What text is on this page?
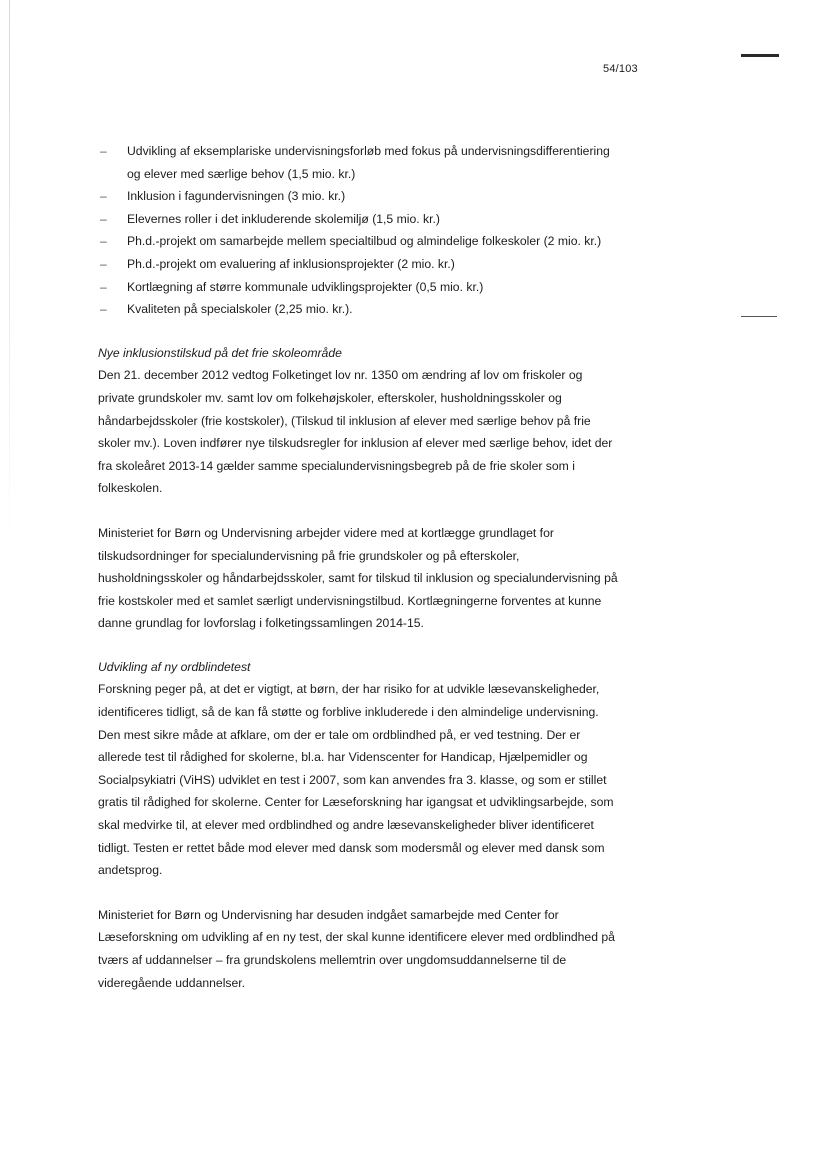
54/103
– Udvikling af eksemplariske undervisningsforløb med fokus på undervisningsdifferentiering og elever med særlige behov (1,5 mio. kr.)
– Inklusion i fagundervisningen (3 mio. kr.)
– Elevernes roller i det inkluderende skolemiljø (1,5 mio. kr.)
– Ph.d.-projekt om samarbejde mellem specialtilbud og almindelige folkeskoler (2 mio. kr.)
– Ph.d.-projekt om evaluering af inklusionsprojekter (2 mio. kr.)
– Kortlægning af større kommunale udviklingsprojekter (0,5 mio. kr.)
– Kvaliteten på specialskoler (2,25 mio. kr.).

Nye inklusionstilskud på det frie skoleområde

Den 21. december 2012 vedtog Folketinget lov nr. 1350 om ændring af lov om friskoler og private grundskoler mv. samt lov om folkehøjskoler, efterskoler, husholdningsskoler og håndarbejdsskoler (frie kostskoler), (Tilskud til inklusion af elever med særlige behov på frie skoler mv.). Loven indfører nye tilskudsregler for inklusion af elever med særlige behov, idet der fra skoleåret 2013-14 gælder samme specialundervisningsbegreb på de frie skoler som i folkeskolen.

Ministeriet for Børn og Undervisning arbejder videre med at kortlægge grundlaget for tilskudsordninger for specialundervisning på frie grundskoler og på efterskoler, husholdningsskoler og håndarbejdsskoler, samt for tilskud til inklusion og specialundervisning på frie kostskoler med et samlet særligt undervisningstilbud. Kortlægningerne forventes at kunne danne grundlag for lovforslag i folketingssamlingen 2014-15.

Udvikling af ny ordblindetest

Forskning peger på, at det er vigtigt, at børn, der har risiko for at udvikle læsevanskeligheder, identificeres tidligt, så de kan få støtte og forblive inkluderede i den almindelige undervisning. Den mest sikre måde at afklare, om der er tale om ordblindhed på, er ved testning. Der er allerede test til rådighed for skolerne, bl.a. har Videnscenter for Handicap, Hjælpemidler og Socialpsykiatri (ViHS) udviklet en test i 2007, som kan anvendes fra 3. klasse, og som er stillet gratis til rådighed for skolerne. Center for Læseforskning har igangsat et udviklingsarbejde, som skal medvirke til, at elever med ordblindhed og andre læsevanskeligheder bliver identificeret tidligt. Testen er rettet både mod elever med dansk som modersmål og elever med dansk som andetsprog.

Ministeriet for Børn og Undervisning har desuden indgået samarbejde med Center for Læseforskning om udvikling af en ny test, der skal kunne identificere elever med ordblindhed på tværs af uddannelser – fra grundskolens mellemtrin over ungdomsuddannelserne til de videregående uddannelser.
